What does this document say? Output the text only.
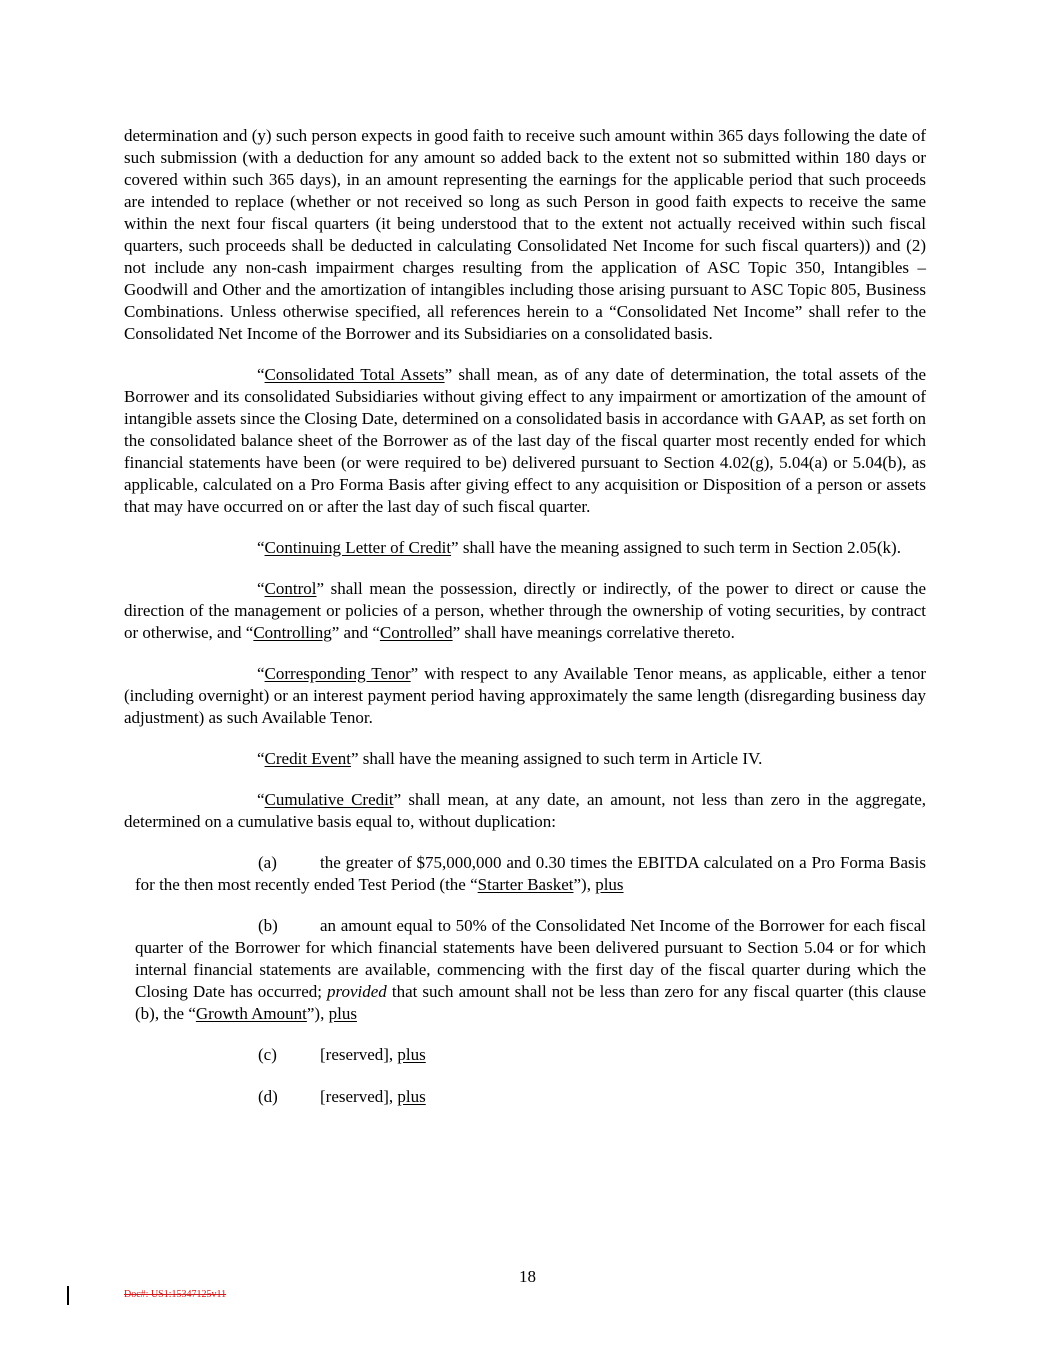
determination and (y) such person expects in good faith to receive such amount within 365 days following the date of such submission (with a deduction for any amount so added back to the extent not so submitted within 180 days or covered within such 365 days), in an amount representing the earnings for the applicable period that such proceeds are intended to replace (whether or not received so long as such Person in good faith expects to receive the same within the next four fiscal quarters (it being understood that to the extent not actually received within such fiscal quarters, such proceeds shall be deducted in calculating Consolidated Net Income for such fiscal quarters)) and (2) not include any non-cash impairment charges resulting from the application of ASC Topic 350, Intangibles – Goodwill and Other and the amortization of intangibles including those arising pursuant to ASC Topic 805, Business Combinations. Unless otherwise specified, all references herein to a “Consolidated Net Income” shall refer to the Consolidated Net Income of the Borrower and its Subsidiaries on a consolidated basis.

“Consolidated Total Assets” shall mean, as of any date of determination, the total assets of the Borrower and its consolidated Subsidiaries without giving effect to any impairment or amortization of the amount of intangible assets since the Closing Date, determined on a consolidated basis in accordance with GAAP, as set forth on the consolidated balance sheet of the Borrower as of the last day of the fiscal quarter most recently ended for which financial statements have been (or were required to be) delivered pursuant to Section 4.02(g), 5.04(a) or 5.04(b), as applicable, calculated on a Pro Forma Basis after giving effect to any acquisition or Disposition of a person or assets that may have occurred on or after the last day of such fiscal quarter.

“Continuing Letter of Credit” shall have the meaning assigned to such term in Section 2.05(k).

“Control” shall mean the possession, directly or indirectly, of the power to direct or cause the direction of the management or policies of a person, whether through the ownership of voting securities, by contract or otherwise, and “Controlling” and “Controlled” shall have meanings correlative thereto.

“Corresponding Tenor” with respect to any Available Tenor means, as applicable, either a tenor (including overnight) or an interest payment period having approximately the same length (disregarding business day adjustment) as such Available Tenor.

“Credit Event” shall have the meaning assigned to such term in Article IV.

“Cumulative Credit” shall mean, at any date, an amount, not less than zero in the aggregate, determined on a cumulative basis equal to, without duplication:

(a)	the greater of $75,000,000 and 0.30 times the EBITDA calculated on a Pro Forma Basis for the then most recently ended Test Period (the “Starter Basket”), plus

(b) an amount equal to 50% of the Consolidated Net Income of the Borrower for each fiscal quarter of the Borrower for which financial statements have been delivered pursuant to Section 5.04 or for which internal financial statements are available, commencing with the first day of the fiscal quarter during which the Closing Date has occurred; provided that such amount shall not be less than zero for any fiscal quarter (this clause (b), the “Growth Amount”), plus

(c)	[reserved], plus

(d) [reserved], plus

18
Doc#: US1:15347125v11
